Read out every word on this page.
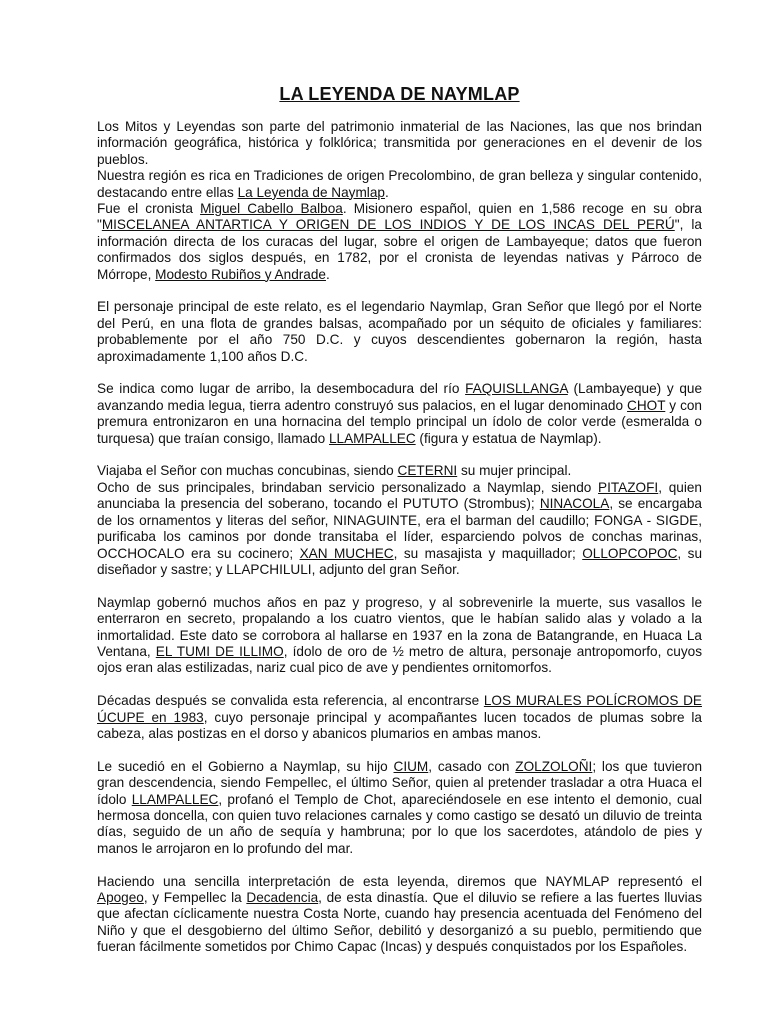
LA LEYENDA DE NAYMLAP

Los Mitos y Leyendas son parte del patrimonio inmaterial de las Naciones, las que nos brindan información geográfica, histórica y folklórica; transmitida por generaciones en el devenir de los pueblos.
Nuestra región es rica en Tradiciones de origen Precolombino, de gran belleza y singular contenido, destacando entre ellas La Leyenda de Naymlap.
Fue el cronista Miguel Cabello Balboa. Misionero español, quien en 1,586 recoge en su obra "MISCELANEA ANTARTICA Y ORIGEN DE LOS INDIOS Y DE LOS INCAS DEL PERÚ", la información directa de los curacas del lugar, sobre el origen de Lambayeque; datos que fueron confirmados dos siglos después, en 1782, por el cronista de leyendas nativas y Párroco de Mórrope, Modesto Rubiños y Andrade.

El personaje principal de este relato, es el legendario Naymlap, Gran Señor que llegó por el Norte del Perú, en una flota de grandes balsas, acompañado por un séquito de oficiales y familiares: probablemente por el año 750 D.C. y cuyos descendientes gobernaron la región, hasta aproximadamente 1,100 años D.C.

Se indica como lugar de arribo, la desembocadura del río FAQUISLLANGA (Lambayeque) y que avanzando media legua, tierra adentro construyó sus palacios, en el lugar denominado CHOT y con premura entronizaron en una hornacina del templo principal un ídolo de color verde (esmeralda o turquesa) que traían consigo, llamado LLAMPALLEC (figura y estatua de Naymlap).

Viajaba el Señor con muchas concubinas, siendo CETERNI su mujer principal.
Ocho de sus principales, brindaban servicio personalizado a Naymlap, siendo PITAZOFI, quien anunciaba la presencia del soberano, tocando el PUTUTO (Strombus); NINACOLA, se encargaba de los ornamentos y literas del señor, NINAGUINTE, era el barman del caudillo; FONGA - SIGDE, purificaba los caminos por donde transitaba el líder, esparciendo polvos de conchas marinas, OCCHOCALO era su cocinero; XAN MUCHEC, su masajista y maquillador; OLLOPCOPOC, su diseñador y sastre; y LLAPCHILULI, adjunto del gran Señor.

Naymlap gobernó muchos años en paz y progreso, y al sobrevenirle la muerte, sus vasallos le enterraron en secreto, propalando a los cuatro vientos, que le habían salido alas y volado a la inmortalidad. Este dato se corrobora al hallarse en 1937 en la zona de Batangrande, en Huaca La Ventana, EL TUMI DE ILLIMO, ídolo de oro de ½ metro de altura, personaje antropomorfo, cuyos ojos eran alas estilizadas, nariz cual pico de ave y pendientes ornitomorfos.

Décadas después se convalida esta referencia, al encontrarse LOS MURALES POLÍCROMOS DE ÚCUPE en 1983, cuyo personaje principal y acompañantes lucen tocados de plumas sobre la cabeza, alas postizas en el dorso y abanicos plumarios en ambas manos.

Le sucedió en el Gobierno a Naymlap, su hijo CIUM, casado con ZOLZOLOÑI; los que tuvieron gran descendencia, siendo Fempellec, el último Señor, quien al pretender trasladar a otra Huaca el ídolo LLAMPALLEC, profanó el Templo de Chot, apareciéndosele en ese intento el demonio, cual hermosa doncella, con quien tuvo relaciones carnales y como castigo se desató un diluvio de treinta días, seguido de un año de sequía y hambruna; por lo que los sacerdotes, atándolo de pies y manos le arrojaron en lo profundo del mar.

Haciendo una sencilla interpretación de esta leyenda, diremos que NAYMLAP representó el Apogeo, y Fempellec la Decadencia, de esta dinastía. Que el diluvio se refiere a las fuertes lluvias que afectan cíclicamente nuestra Costa Norte, cuando hay presencia acentuada del Fenómeno del Niño y que el desgobierno del último Señor, debilitó y desorganizó a su pueblo, permitiendo que fueran fácilmente sometidos por Chimo Capac (Incas) y después conquistados por los Españoles.
